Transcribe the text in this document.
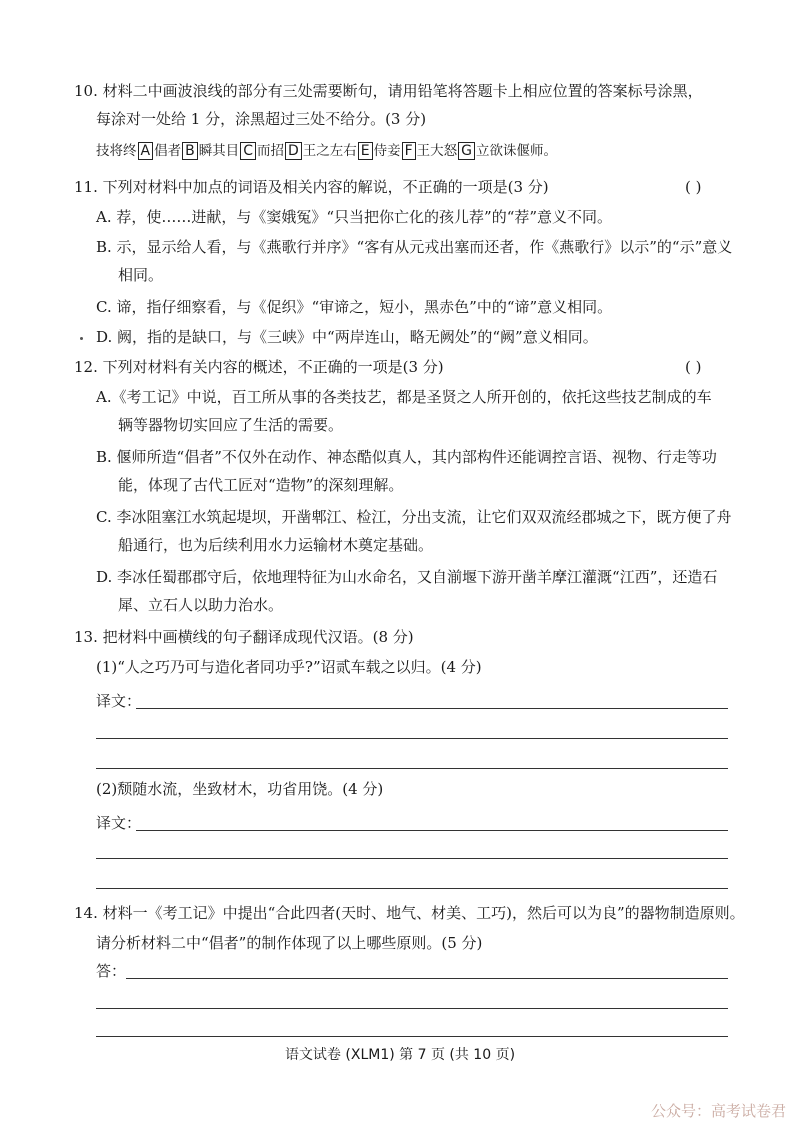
10. 材料二中画波浪线的部分有三处需要断句，请用铅笔将答题卡上相应位置的答案标号涂黑，
每涂对一处给 1 分，涂黑超过三处不给分。(3 分)
技将终 A 倡者 B 瞬其目 C 而招 D 王之左右 E 侍妾 F 王大怒 G 立欲诛偃师。
11. 下列对材料中加点的词语及相关内容的解说，不正确的一项是(3 分)	( )
A. 荐，使……进献，与《窦娥冤》“只当把你亡化的孩儿荐”的“荐”意义不同。
B. 示，显示给人看，与《燕歌行并序》“客有从元戎出塞而还者，作《燕歌行》以示”的“示”意义
相同。
C. 谛，指仔细察看，与《促织》“审谛之，短小，黑赤色”中的“谛”意义相同。
D. 阙，指的是缺口，与《三峡》中“两岸连山，略无阙处”的“阙”意义相同。
12. 下列对材料有关内容的概述，不正确的一项是(3 分)	( )
A.《考工记》中说，百工所从事的各类技艺，都是圣贤之人所开创的，依托这些技艺制成的车
辆等器物切实回应了生活的需要。
B. 偃师所造“倡者”不仅外在动作、神态酷似真人，其内部构件还能调控言语、视物、行走等功
能，体现了古代工匠对“造物”的深刻理解。
C. 李冰阻塞江水筑起堤坝，开凿郫江、检江，分出支流，让它们双双流经郡城之下，既方便了舟
船通行，也为后续利用水力运输材木奠定基础。
D. 李冰任蜀郡郡守后，依地理特征为山水命名，又自湔堰下游开凿羊摩江灌溉“江西”，还造石
犀、立石人以助力治水。
13. 把材料中画横线的句子翻译成现代汉语。(8 分)
(1)“人之巧乃可与造化者同功乎?”诏贰车载之以归。(4 分)
译文：
(2)颓随水流，坐致材木，功省用饶。(4 分)
译文：
14. 材料一《考工记》中提出“合此四者(天时、地气、材美、工巧)，然后可以为良”的器物制造原则。
请分析材料二中“倡者”的制作体现了以上哪些原则。(5 分)
答：
语文试卷 (XLM1) 第 7 页 (共 10 页)
公众号：高考试卷君
